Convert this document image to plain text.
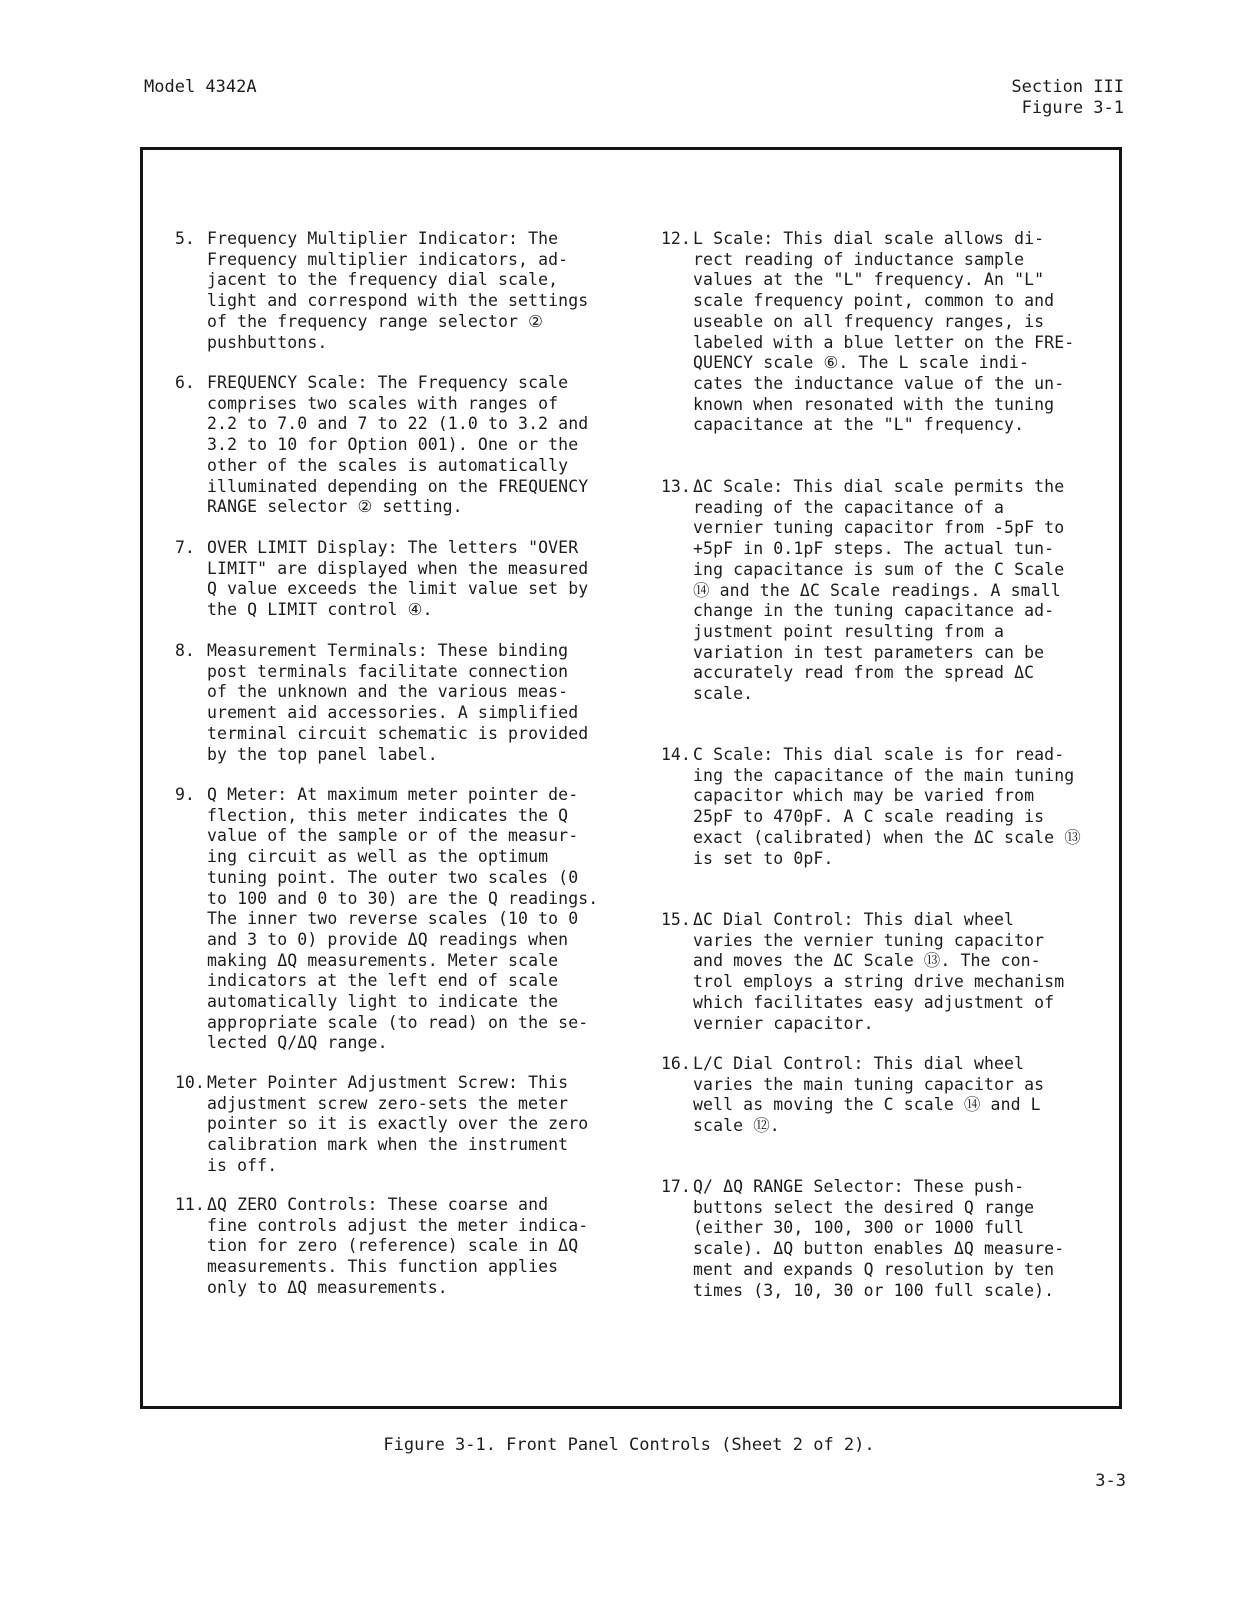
Model 4342A	Section III
Figure 3-1
5. Frequency Multiplier Indicator: The
Frequency multiplier indicators, ad-
jacent to the frequency dial scale,
light and correspond with the settings
of the frequency range selector ②
pushbuttons.
6. FREQUENCY Scale: The Frequency scale
comprises two scales with ranges of
2.2 to 7.0 and 7 to 22 (1.0 to 3.2 and
3.2 to 10 for Option 001). One or the
other of the scales is automatically
illuminated depending on the FREQUENCY
RANGE selector ② setting.
7. OVER LIMIT Display: The letters "OVER
LIMIT" are displayed when the measured
Q value exceeds the limit value set by
the Q LIMIT control ④.
8. Measurement Terminals: These binding
post terminals facilitate connection
of the unknown and the various meas-
urement aid accessories. A simplified
terminal circuit schematic is provided
by the top panel label.
9. Q Meter: At maximum meter pointer de-
flection, this meter indicates the Q
value of the sample or of the measur-
ing circuit as well as the optimum
tuning point. The outer two scales (0
to 100 and 0 to 30) are the Q readings.
The inner two reverse scales (10 to 0
and 3 to 0) provide ΔQ readings when
making ΔQ measurements. Meter scale
indicators at the left end of scale
automatically light to indicate the
appropriate scale (to read) on the se-
lected Q/ΔQ range.
10. Meter Pointer Adjustment Screw: This
adjustment screw zero-sets the meter
pointer so it is exactly over the zero
calibration mark when the instrument
is off.
11. ΔQ ZERO Controls: These coarse and
fine controls adjust the meter indica-
tion for zero (reference) scale in ΔQ
measurements. This function applies
only to ΔQ measurements.
12. L Scale: This dial scale allows di-
rect reading of inductance sample
values at the "L" frequency. An "L"
scale frequency point, common to and
useable on all frequency ranges, is
labeled with a blue letter on the FRE-
QUENCY scale ⑥. The L scale indi-
cates the inductance value of the un-
known when resonated with the tuning
capacitance at the "L" frequency.
13. ΔC Scale: This dial scale permits the
reading of the capacitance of a
vernier tuning capacitor from -5pF to
+5pF in 0.1pF steps. The actual tun-
ing capacitance is sum of the C Scale
⑭ and the ΔC Scale readings. A small
change in the tuning capacitance ad-
justment point resulting from a
variation in test parameters can be
accurately read from the spread ΔC
scale.
14. C Scale: This dial scale is for read-
ing the capacitance of the main tuning
capacitor which may be varied from
25pF to 470pF. A C scale reading is
exact (calibrated) when the ΔC scale ⑬
is set to 0pF.
15. ΔC Dial Control: This dial wheel
varies the vernier tuning capacitor
and moves the ΔC Scale ⑬. The con-
trol employs a string drive mechanism
which facilitates easy adjustment of
vernier capacitor.
16. L/C Dial Control: This dial wheel
varies the main tuning capacitor as
well as moving the C scale ⑭ and L
scale ⑫.
17. Q/ ΔQ RANGE Selector: These push-
buttons select the desired Q range
(either 30, 100, 300 or 1000 full
scale). ΔQ button enables ΔQ measure-
ment and expands Q resolution by ten
times (3, 10, 30 or 100 full scale).
Figure 3-1. Front Panel Controls (Sheet 2 of 2).
3-3
